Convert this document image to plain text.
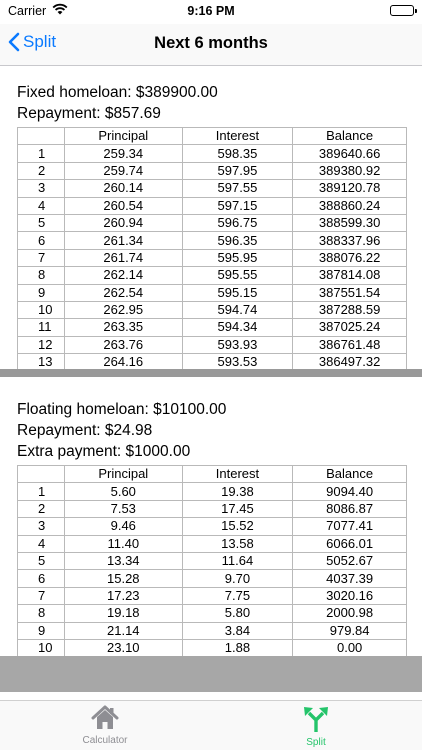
Carrier	9:16 PM
Split	Next 6 months
Fixed homeloan: $389900.00
Repayment: $857.69
	Principal	Interest	Balance
1	259.34	598.35	389640.66
2	259.74	597.95	389380.92
3	260.14	597.55	389120.78
4	260.54	597.15	388860.24
5	260.94	596.75	388599.30
6	261.34	596.35	388337.96
7	261.74	595.95	388076.22
8	262.14	595.55	387814.08
9	262.54	595.15	387551.54
10	262.95	594.74	387288.59
11	263.35	594.34	387025.24
12	263.76	593.93	386761.48
13	264.16	593.53	386497.32
Floating homeloan: $10100.00
Repayment: $24.98
Extra payment: $1000.00
	Principal	Interest	Balance
1	5.60	19.38	9094.40
2	7.53	17.45	8086.87
3	9.46	15.52	7077.41
4	11.40	13.58	6066.01
5	13.34	11.64	5052.67
6	15.28	9.70	4037.39
7	17.23	7.75	3020.16
8	19.18	5.80	2000.98
9	21.14	3.84	979.84
10	23.10	1.88	0.00
Calculator	Split
